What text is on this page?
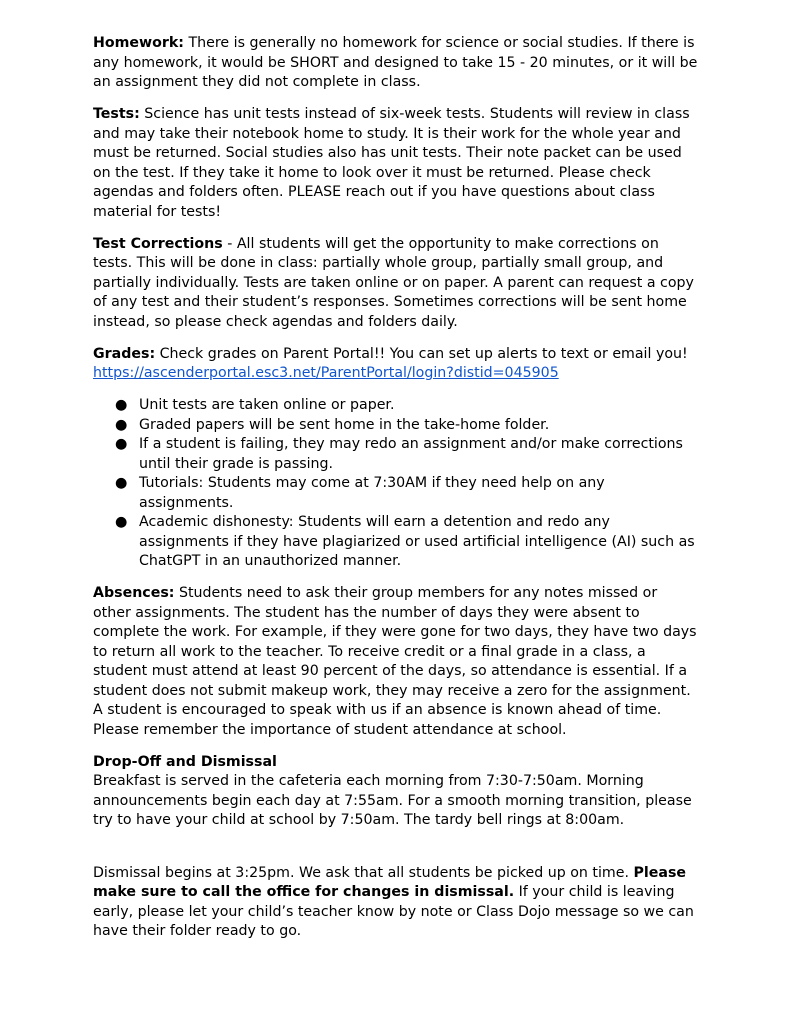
Homework: There is generally no homework for science or social studies. If there is any homework, it would be SHORT and designed to take 15 - 20 minutes, or it will be an assignment they did not complete in class.

Tests: Science has unit tests instead of six-week tests. Students will review in class and may take their notebook home to study. It is their work for the whole year and must be returned. Social studies also has unit tests. Their note packet can be used on the test. If they take it home to look over it must be returned. Please check agendas and folders often. PLEASE reach out if you have questions about class material for tests!

Test Corrections - All students will get the opportunity to make corrections on tests. This will be done in class: partially whole group, partially small group, and partially individually. Tests are taken online or on paper. A parent can request a copy of any test and their student’s responses. Sometimes corrections will be sent home instead, so please check agendas and folders daily.

Grades: Check grades on Parent Portal!! You can set up alerts to text or email you!
https://ascenderportal.esc3.net/ParentPortal/login?distid=045905

● Unit tests are taken online or paper.
● Graded papers will be sent home in the take-home folder.
● If a student is failing, they may redo an assignment and/or make corrections until their grade is passing.
● Tutorials: Students may come at 7:30AM if they need help on any assignments.
● Academic dishonesty: Students will earn a detention and redo any assignments if they have plagiarized or used artificial intelligence (AI) such as ChatGPT in an unauthorized manner.

Absences: Students need to ask their group members for any notes missed or other assignments. The student has the number of days they were absent to complete the work. For example, if they were gone for two days, they have two days to return all work to the teacher. To receive credit or a final grade in a class, a student must attend at least 90 percent of the days, so attendance is essential. If a student does not submit makeup work, they may receive a zero for the assignment. A student is encouraged to speak with us if an absence is known ahead of time. Please remember the importance of student attendance at school.

Drop-Off and Dismissal
Breakfast is served in the cafeteria each morning from 7:30-7:50am. Morning announcements begin each day at 7:55am. For a smooth morning transition, please try to have your child at school by 7:50am. The tardy bell rings at 8:00am.

Dismissal begins at 3:25pm. We ask that all students be picked up on time. Please make sure to call the office for changes in dismissal. If your child is leaving early, please let your child’s teacher know by note or Class Dojo message so we can have their folder ready to go.
